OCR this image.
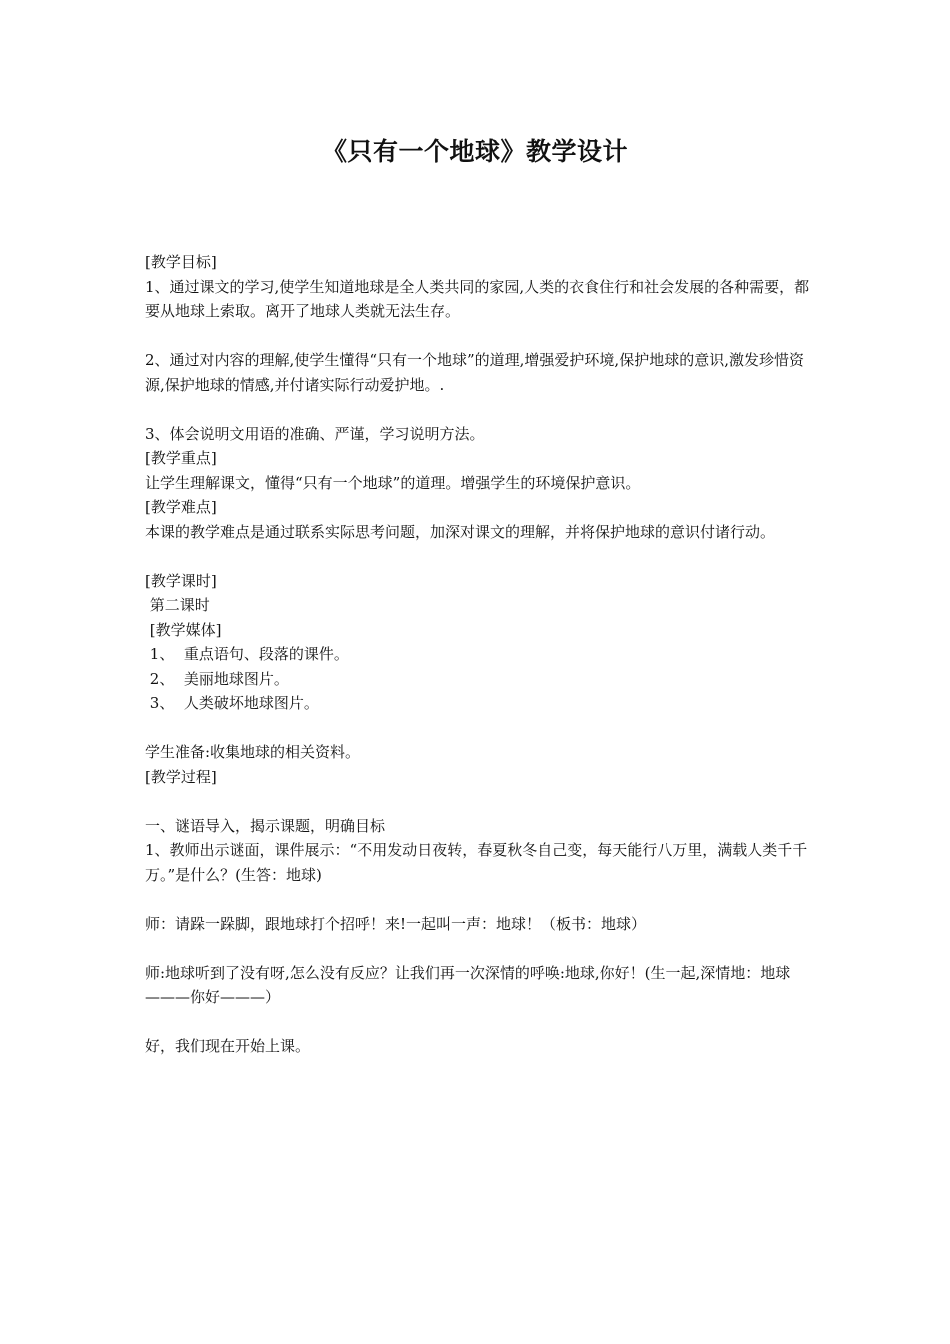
《只有一个地球》教学设计

[教学目标]

1、通过课文的学习,使学生知道地球是全人类共同的家园,人类的衣食住行和社会发展的各种需要，都要从地球上索取。离开了地球人类就无法生存。

2、通过对内容的理解,使学生懂得“只有一个地球”的道理,增强爱护环境,保护地球的意识,激发珍惜资源,保护地球的情感,并付诸实际行动爱护地。.

3、体会说明文用语的准确、严谨，学习说明方法。

[教学重点]

让学生理解课文，懂得“只有一个地球”的道理。增强学生的环境保护意识。

[教学难点]

本课的教学难点是通过联系实际思考问题，加深对课文的理解，并将保护地球的意识付诸行动。

[教学课时]

第二课时

[教学媒体]

1、  重点语句、段落的课件。

2、  美丽地球图片。

3、  人类破坏地球图片。

学生准备:收集地球的相关资料。

[教学过程]

一、谜语导入，揭示课题，明确目标

1、教师出示谜面，课件展示：“不用发动日夜转，春夏秋冬自己变，每天能行八万里，满载人类千千万。”是什么？(生答：地球)

师：请跺一跺脚，跟地球打个招呼！来!一起叫一声：地球！（板书：地球）

师:地球听到了没有呀,怎么没有反应？让我们再一次深情的呼唤:地球,你好！(生一起,深情地：地球———你好———）

好，我们现在开始上课。
